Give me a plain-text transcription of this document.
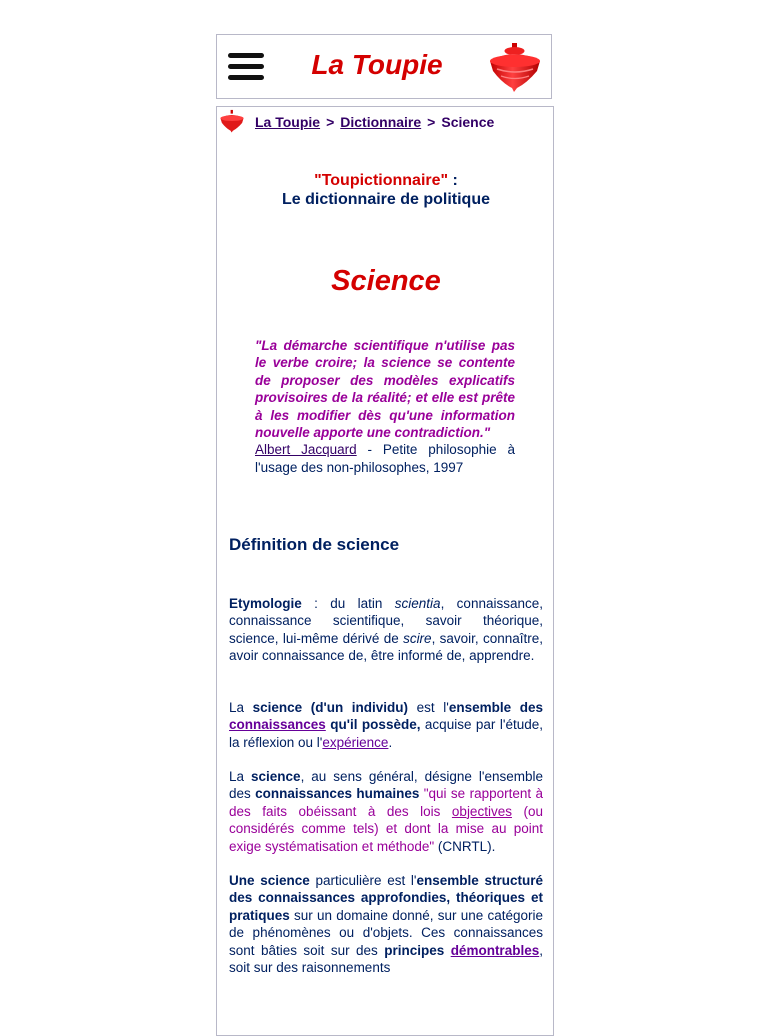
La Toupie
La Toupie > Dictionnaire > Science
"Toupictionnaire" :
Le dictionnaire de politique
Science
"La démarche scientifique n'utilise pas le verbe croire; la science se contente de proposer des modèles explicatifs provisoires de la réalité; et elle est prête à les modifier dès qu'une information nouvelle apporte une contradiction."
Albert Jacquard - Petite philosophie à l'usage des non-philosophes, 1997
Définition de science

Etymologie : du latin scientia, connaissance, connaissance scientifique, savoir théorique, science, lui-même dérivé de scire, savoir, connaître, avoir connaissance de, être informé de, apprendre.

La science (d'un individu) est l'ensemble des connaissances qu'il possède, acquise par l'étude, la réflexion ou l'expérience.

La science, au sens général, désigne l'ensemble des connaissances humaines "qui se rapportent à des faits obéissant à des lois objectives (ou considérés comme tels) et dont la mise au point exige systématisation et méthode" (CNRTL).

Une science particulière est l'ensemble structuré des connaissances approfondies, théoriques et pratiques sur un domaine donné, sur une catégorie de phénomènes ou d'objets. Ces connaissances sont bâties soit sur des principes démontrables, soit sur des raisonnements
